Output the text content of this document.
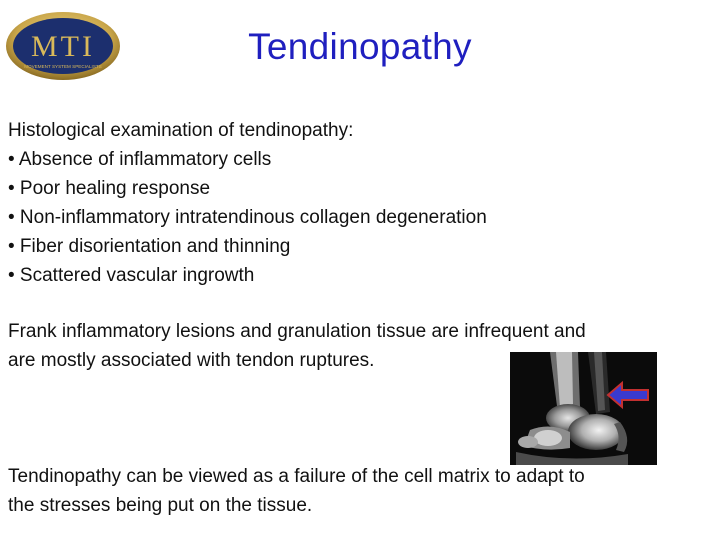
MTI
MOVEMENT SYSTEM SPECIALISTS	Tendinopathy
Histological examination of tendinopathy:
• Absence of inflammatory cells
• Poor healing response
• Non-inflammatory intratendinous collagen degeneration
• Fiber disorientation and thinning
• Scattered vascular ingrowth
Frank inflammatory lesions and granulation tissue are infrequent and
are mostly associated with tendon ruptures.
Tendinopathy can be viewed as a failure of the cell matrix to adapt to
the stresses being put on the tissue.
